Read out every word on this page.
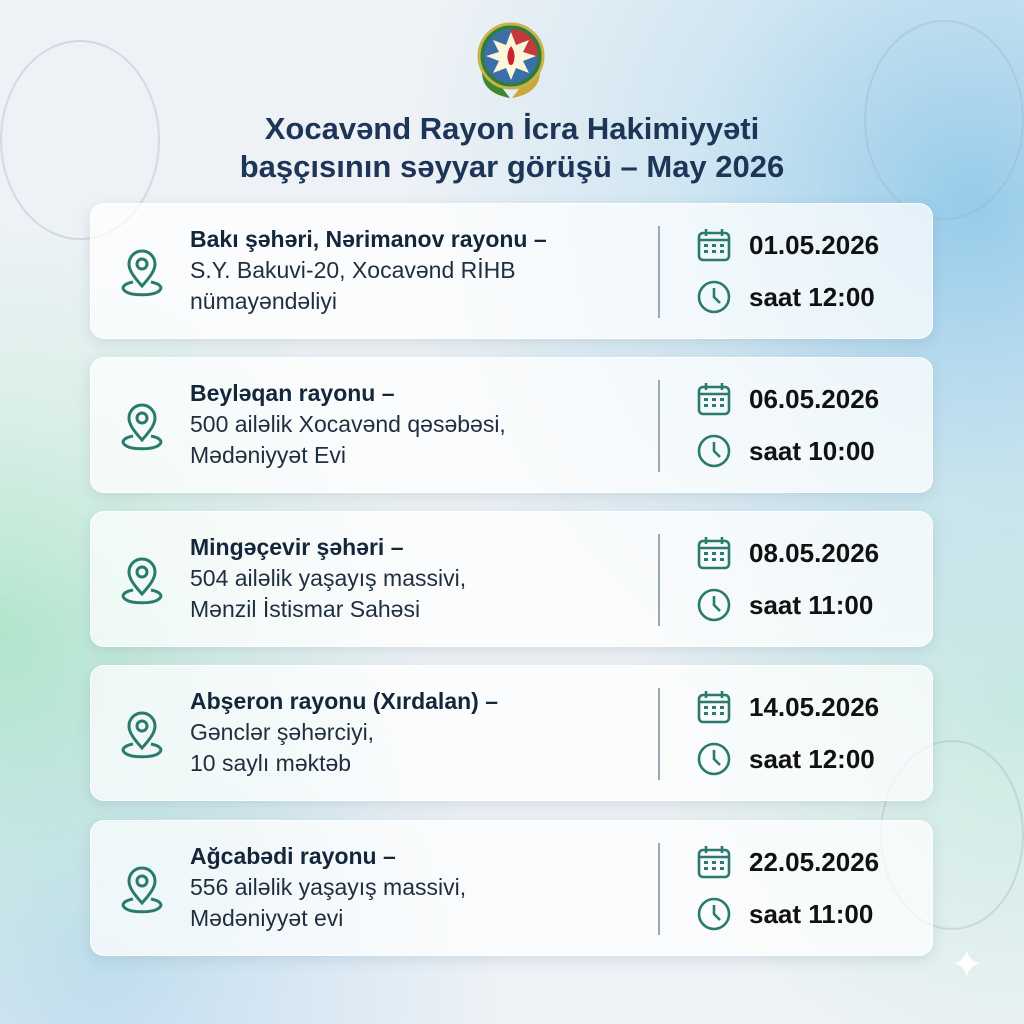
Xocavənd Rayon İcra Hakimiyyəti
başçısının səyyar görüşü – May 2026
Bakı şəhəri, Nərimanov rayonu –
S.Y. Bakuvi-20, Xocavənd RİHB
nümayəndəliyi
01.05.2026
saat 12:00
Beyləqan rayonu –
500 ailəlik Xocavənd qəsəbəsi,
Mədəniyyət Evi
06.05.2026
saat 10:00
Mingəçevir şəhəri –
504 ailəlik yaşayış massivi,
Mənzil İstismar Sahəsi
08.05.2026
saat 11:00
Abşeron rayonu (Xırdalan) –
Gənclər şəhərciyi,
10 saylı məktəb
14.05.2026
saat 12:00
Ağcabədi rayonu –
556 ailəlik yaşayış massivi,
Mədəniyyət evi
22.05.2026
saat 11:00
✦
